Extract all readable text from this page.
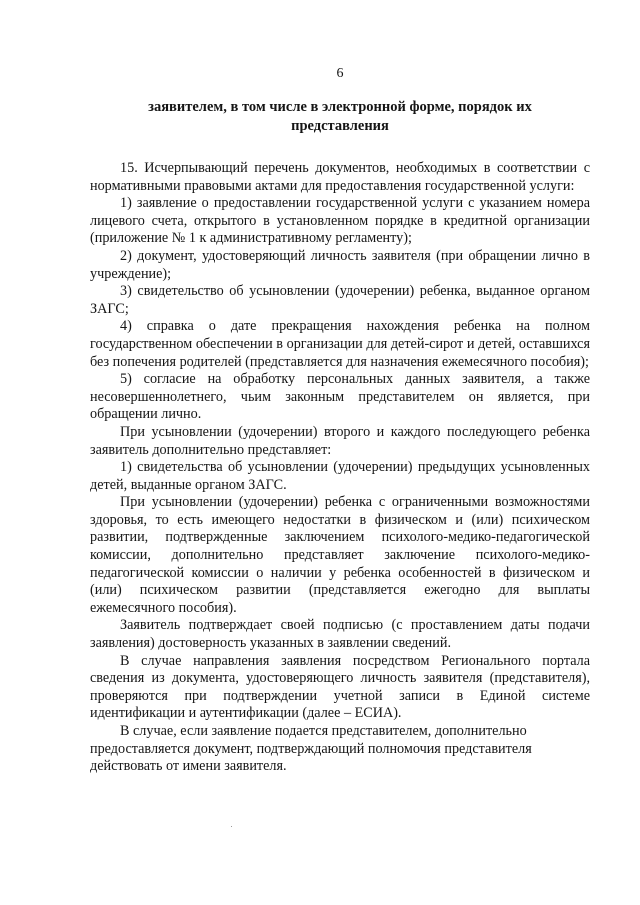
6
заявителем, в том числе в электронной форме, порядок их
представления

15. Исчерпывающий перечень документов, необходимых в соответствии с нормативными правовыми актами для предоставления государственной услуги:

1) заявление о предоставлении государственной услуги с указанием номера лицевого счета, открытого в установленном порядке в кредитной организации (приложение № 1 к административному регламенту);

2) документ, удостоверяющий личность заявителя (при обращении лично в учреждение);

3) свидетельство об усыновлении (удочерении) ребенка, выданное органом ЗАГС;

4) справка о дате прекращения нахождения ребенка на полном государственном обеспечении в организации для детей-сирот и детей, оставшихся без попечения родителей (представляется для назначения ежемесячного пособия);

5) согласие на обработку персональных данных заявителя, а также несовершеннолетнего, чьим законным представителем он является, при обращении лично.

При усыновлении (удочерении) второго и каждого последующего ребенка заявитель дополнительно представляет:

1) свидетельства об усыновлении (удочерении) предыдущих усыновленных детей, выданные органом ЗАГС.

При усыновлении (удочерении) ребенка с ограниченными возможностями здоровья, то есть имеющего недостатки в физическом и (или) психическом развитии, подтвержденные заключением психолого-медико-педагогической комиссии, дополнительно представляет заключение психолого-медико-педагогической комиссии о наличии у ребенка особенностей в физическом и (или) психическом развитии (представляется ежегодно для выплаты ежемесячного пособия).

Заявитель подтверждает своей подписью (с проставлением даты подачи заявления) достоверность указанных в заявлении сведений.

В случае направления заявления посредством Регионального портала сведения из документа, удостоверяющего личность заявителя (представителя), проверяются при подтверждении учетной записи в Единой системе идентификации и аутентификации (далее – ЕСИА).

В случае, если заявление подается представителем, дополнительно предоставляется документ, подтверждающий полномочия представителя действовать от имени заявителя.
